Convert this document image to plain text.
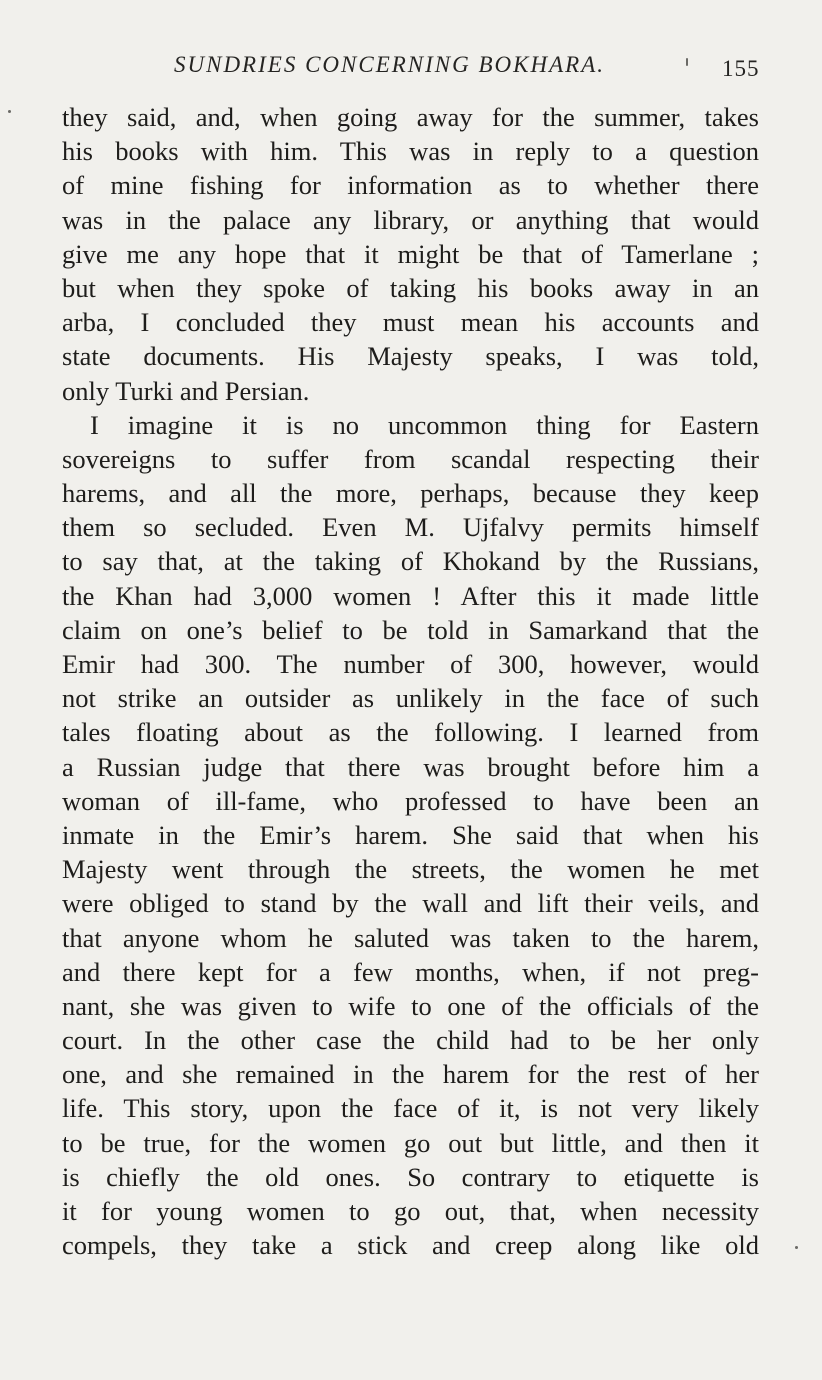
SUNDRIES CONCERNING BOKHARA.	155
they said, and, when going away for the summer, takes
his books with him. This was in reply to a question
of mine fishing for information as to whether there
was in the palace any library, or anything that would
give me any hope that it might be that of Tamerlane ;
but when they spoke of taking his books away in an
arba, I concluded they must mean his accounts and
state documents. His Majesty speaks, I was told,
only Turki and Persian.
I imagine it is no uncommon thing for Eastern
sovereigns to suffer from scandal respecting their
harems, and all the more, perhaps, because they keep
them so secluded. Even M. Ujfalvy permits himself
to say that, at the taking of Khokand by the Russians,
the Khan had 3,000 women ! After this it made little
claim on one’s belief to be told in Samarkand that the
Emir had 300. The number of 300, however, would
not strike an outsider as unlikely in the face of such
tales floating about as the following. I learned from
a Russian judge that there was brought before him a
woman of ill-fame, who professed to have been an
inmate in the Emir’s harem. She said that when his
Majesty went through the streets, the women he met
were obliged to stand by the wall and lift their veils, and
that anyone whom he saluted was taken to the harem,
and there kept for a few months, when, if not preg-
nant, she was given to wife to one of the officials of the
court. In the other case the child had to be her only
one, and she remained in the harem for the rest of her
life. This story, upon the face of it, is not very likely
to be true, for the women go out but little, and then it
is chiefly the old ones. So contrary to etiquette is
it for young women to go out, that, when necessity
compels, they take a stick and creep along like old
